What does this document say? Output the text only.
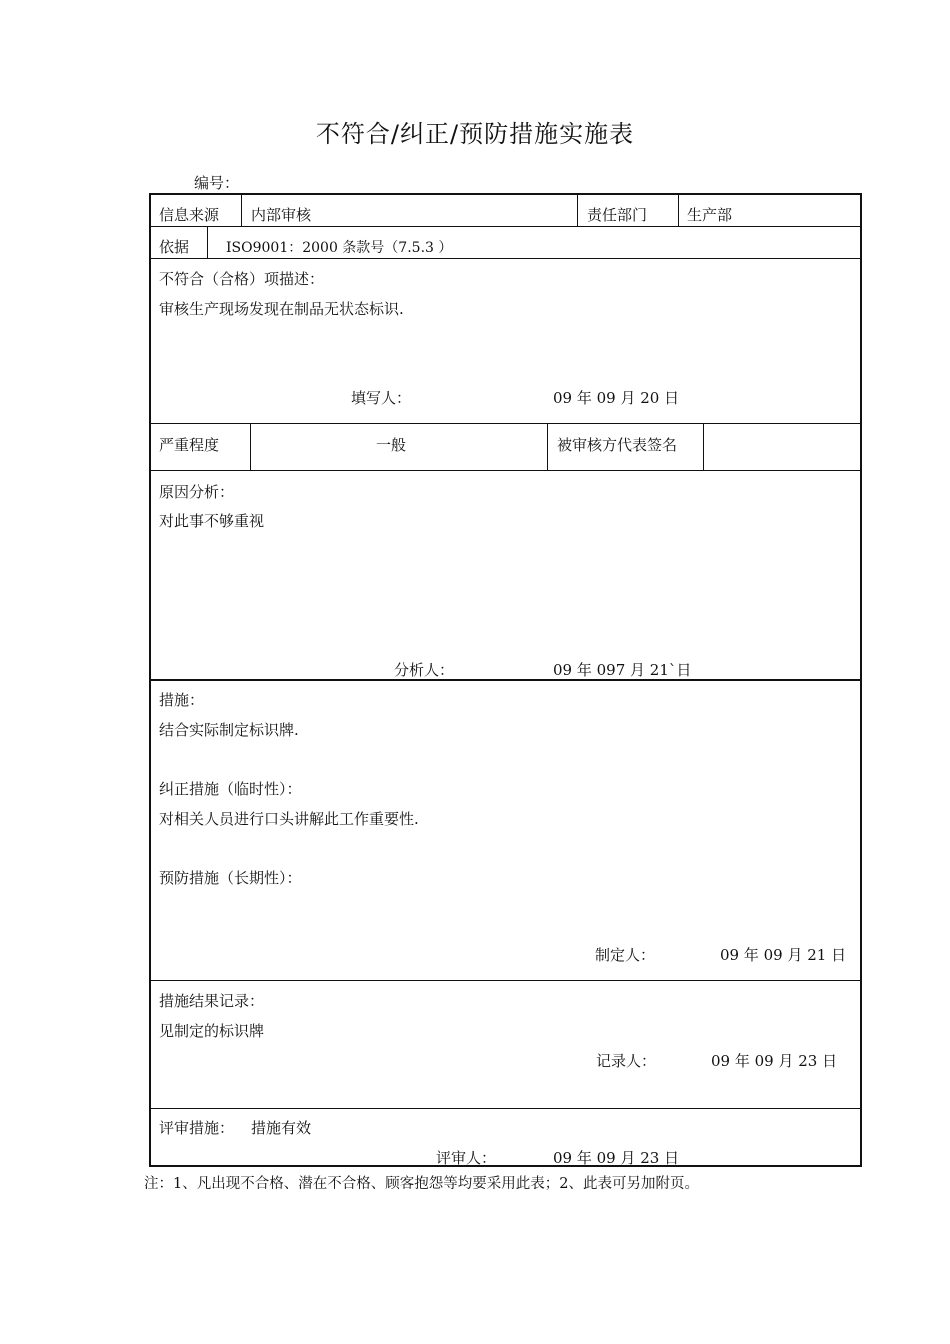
不符合/纠正/预防措施实施表
编号：
信息来源 内部审核	责任部门	生产部
依据	ISO9001：2000 条款号（7.5.3 ）
不符合（合格）项描述：
审核生产现场发现在制品无状态标识.
填写人：	09 年 09 月 20 日
严重程度	一般	被审核方代表签名
原因分析：
对此事不够重视
分析人：	09 年 097 月 21`日
措施：
结合实际制定标识牌.
纠正措施（临时性）：
对相关人员进行口头讲解此工作重要性.
预防措施（长期性）：
制定人：	09 年 09 月 21 日
措施结果记录：
见制定的标识牌
记录人：	09 年 09 月 23 日
评审措施： 措施有效
评审人：	09 年 09 月 23 日
注：1、凡出现不合格、潜在不合格、顾客抱怨等均要采用此表；2、此表可另加附页。
